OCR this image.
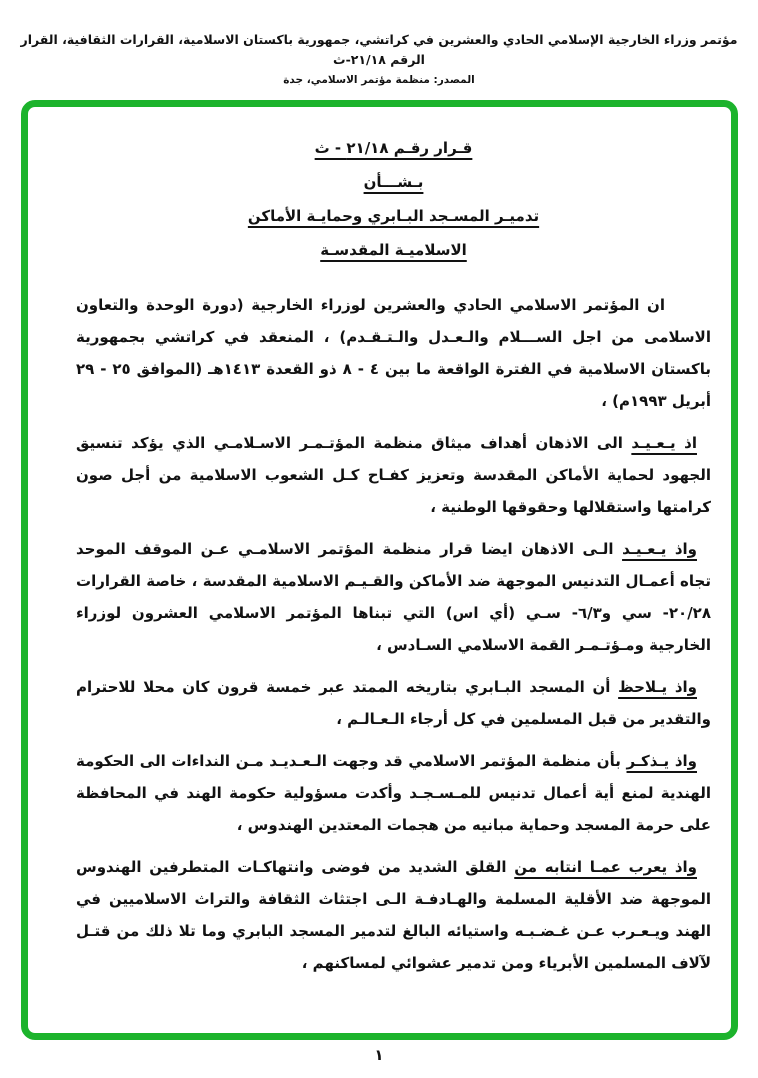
مؤتمر وزراء الخارجية الإسلامي الحادي والعشرين في كراتشي، جمهورية باكستان الاسلامية، القرارات الثقافية، القرار الرقم ٢١/١٨-ث
المصدر: منظمة مؤتمر الاسلامي، جدة
قـرار رقـم ٢١/١٨ - ث
بـشـــأن
تدميـر المسـجد البـابري وحمايـة الأماكن
الاسلاميـة المقدسـة

ان المؤتمر الاسلامي الحادي والعشرين لوزراء الخارجية (دورة الوحدة والتعاون الاسلامى من اجل الســـلام والـعـدل والـتـقـدم) ، المنعقد في كراتشي بجمهورية باكستان الاسلامية في الفترة الواقعة ما بين ٤ - ٨ ذو القعدة ١٤١٣هـ (الموافق ٢٥ - ٢٩ أبريل ١٩٩٣م) ،

اذ يـعـيـد الى الاذهان أهداف ميثاق منظمة المؤتـمـر الاسـلامـي الذي يؤكد تنسيق الجهود لحماية الأماكن المقدسة وتعزيز كفـاح كـل الشعوب الاسلامية من أجل صون كرامتها واستقلالها وحقوقها الوطنية ،

واذ يـعـيـد الـى الاذهان ايضا قرار منظمة المؤتمر الاسلامـي عـن الموقف الموحد تجاه أعمـال التدنيس الموجهة ضد الأماكن والقـيـم الاسلامية المقدسة ، خاصة القرارات ٢٠/٢٨- سي و٦/٣- سـي (أي اس) التي تبناها المؤتمر الاسلامي العشرون لوزراء الخارجية ومـؤتـمـر القمة الاسلامي السـادس ،

واذ يـلاحظ أن المسجد البـابري بتاريخه الممتد عبر خمسة قرون كان محلا للاحترام والتقدير من قبل المسلمين في كل أرجاء الـعـالـم ،

واذ يـذكـر بأن منظمة المؤتمر الاسلامي قد وجهت الـعـديـد مـن النداءات الى الحكومة الهندية لمنع أية أعمال تدنيس للمـسـجـد وأكدت مسؤولية حكومة الهند في المحافظة على حرمة المسجد وحماية مبانيه من هجمات المعتدين الهندوس ،

واذ يعرب عمـا انتابه من القلق الشديد من فوضى وانتهاكـات المتطرفين الهندوس الموجهة ضد الأقلية المسلمة والهـادفـة الـى اجتثاث الثقافة والتراث الاسلاميين في الهند ويـعـرب عـن غـضـبـه واستيائه البالغ لتدمير المسجد البابري وما تلا ذلك من قتـل لآلاف المسلمين الأبرياء ومن تدمير عشوائي لمساكنهم ،

١
